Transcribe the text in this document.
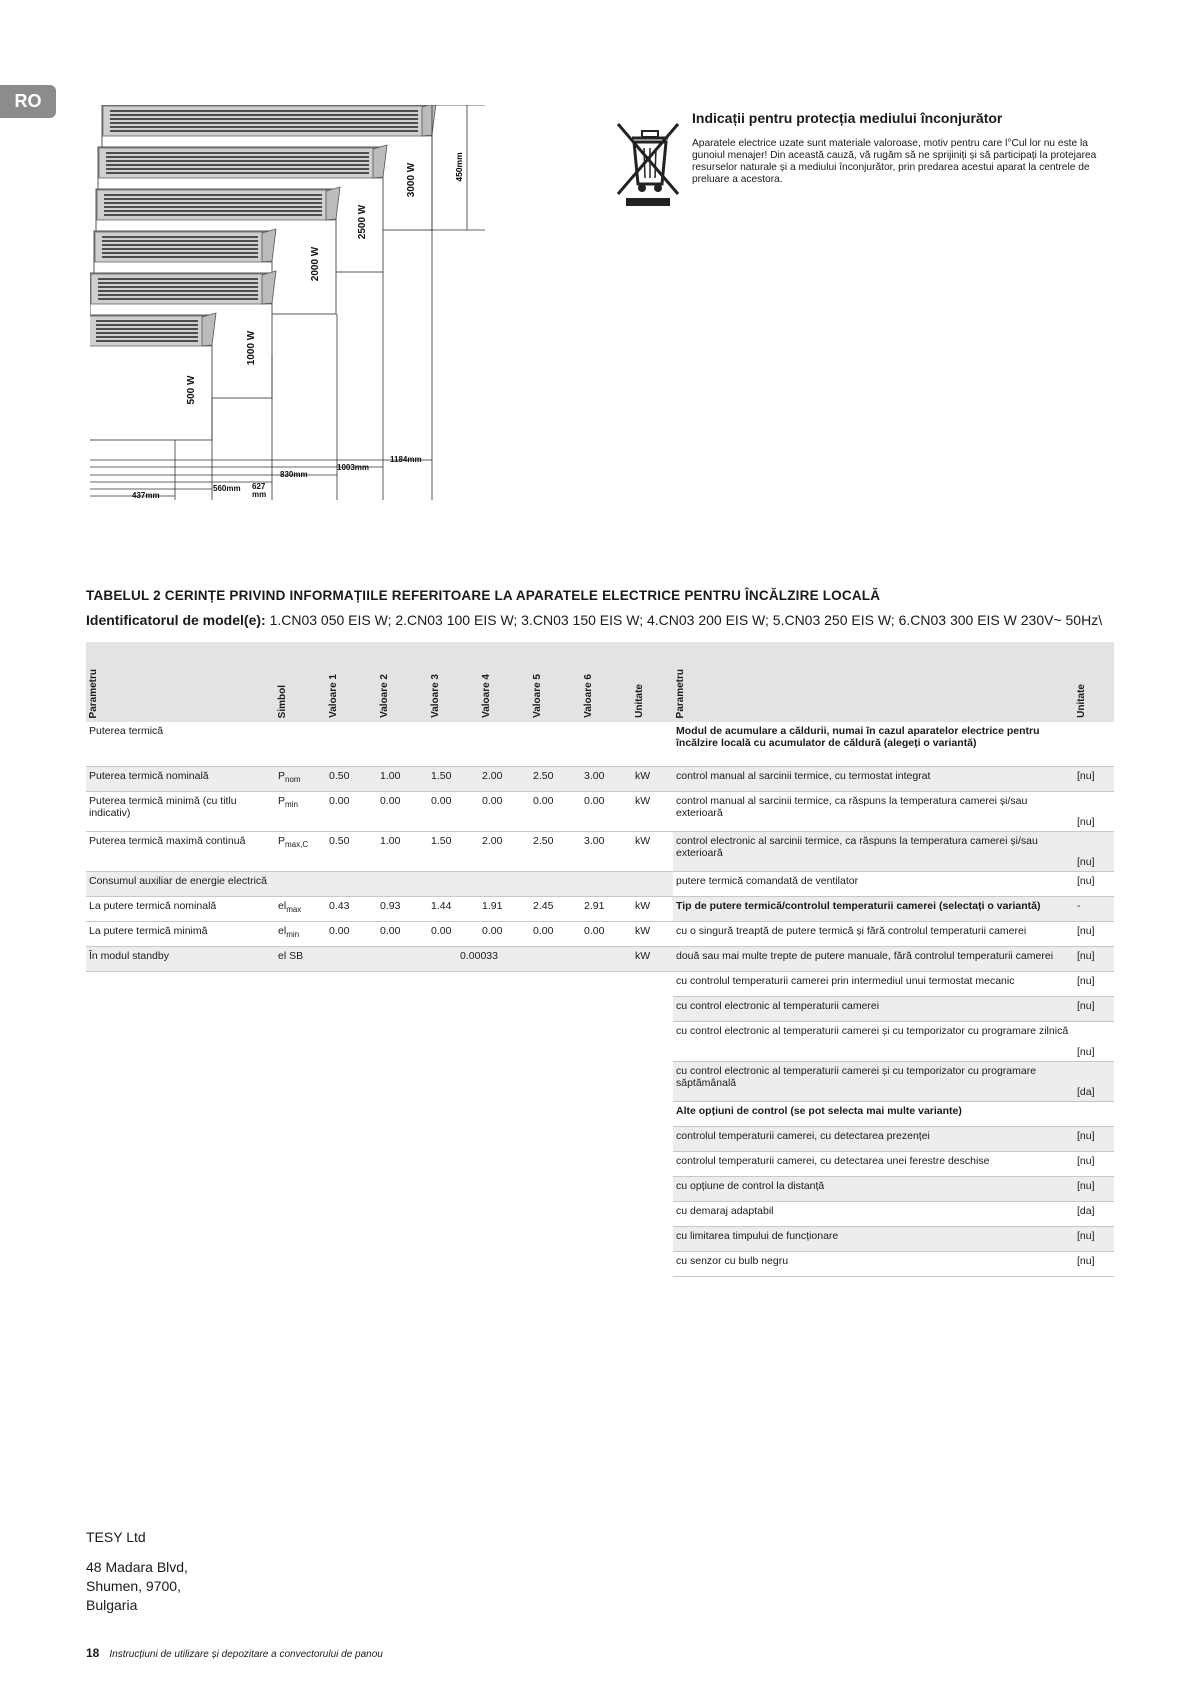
RO
3000 W
2500 W
2000 W
1000 W
500 W
450mm
1184mm
1003mm
830mm
627
mm
560mm
437mm
Indicații pentru protecția mediului înconjurător
Aparatele electrice uzate sunt materiale valoroase, motiv pentru care l°Cul lor nu este la gunoiul menajer! Din această cauză, vă rugăm să ne sprijiniți și să participați la protejarea resurselor naturale și a mediului înconjurător, prin predarea acestui aparat la centrele de preluare a acestora.
TABELUL 2 CERINȚE PRIVIND INFORMAȚIILE REFERITOARE LA APARATELE ELECTRICE PENTRU ÎNCĂLZIRE LOCALĂ
Identificatorul de model(e): 1.CN03 050 EIS W; 2.CN03 100 EIS W; 3.CN03 150 EIS W; 4.CN03 200 EIS W; 5.CN03 250 EIS W; 6.CN03 300 EIS W 230V~ 50Hz\
Parametru	Simbol	Valoare 1	Valoare 2	Valoare 3	Valoare 4	Valoare 5	Valoare 6	Unitate

Puterea termică								
Puterea termică nominală	$P_{nom}$	0.50	1.00	1.50	2.00	2.50	3.00	kW
Puterea termică minimă (cu titlu indicativ)	$P_{min}$	0.00	0.00	0.00	0.00	0.00	0.00	kW
Puterea termică maximă continuă	$P_{max,C}$	0.50	1.00	1.50	2.00	2.50	3.00	kW
Consumul auxiliar de energie electrică								
La putere termică nominală	$el_{max}$	0.43	0.93	1.44	1.91	2.45	2.91	kW
La putere termică minimă	$el_{min}$	0.00	0.00	0.00	0.00	0.00	0.00	kW
În modul standby	el SB	0.00033						kW
Parametru	Unitate

Modul de acumulare a căldurii, numai în cazul aparatelor electrice pentru încălzire locală cu acumulator de căldură (alegeți o variantă)	
control manual al sarcinii termice, cu termostat integrat	[nu]
control manual al sarcinii termice, ca răspuns la temperatura camerei și/sau exterioară	[nu]
control electronic al sarcinii termice, ca răspuns la temperatura camerei și/sau exterioară	[nu]
putere termică comandată de ventilator	[nu]
Tip de putere termică/controlul temperaturii camerei (selectați o variantă)	-
cu o singură treaptă de putere termică și fără controlul temperaturii camerei	[nu]
două sau mai multe trepte de putere manuale, fără controlul temperaturii camerei	[nu]
cu controlul temperaturii camerei prin intermediul unui termostat mecanic	[nu]
cu control electronic al temperaturii camerei	[nu]
cu control electronic al temperaturii camerei și cu temporizator cu programare zilnică	[nu]
cu control electronic al temperaturii camerei și cu temporizator cu programare săptămânală	[da]
Alte opțiuni de control (se pot selecta mai multe variante)	
controlul temperaturii camerei, cu detectarea prezenței	[nu]
controlul temperaturii camerei, cu detectarea unei ferestre deschise	[nu]
cu opțiune de control la distanță	[nu]
cu demaraj adaptabil	[da]
cu limitarea timpului de funcționare	[nu]
cu senzor cu bulb negru	[nu]
TESY Ltd
48 Madara Blvd,
Shumen, 9700,
Bulgaria
18 Instrucțiuni de utilizare și depozitare a convectorului de panou
